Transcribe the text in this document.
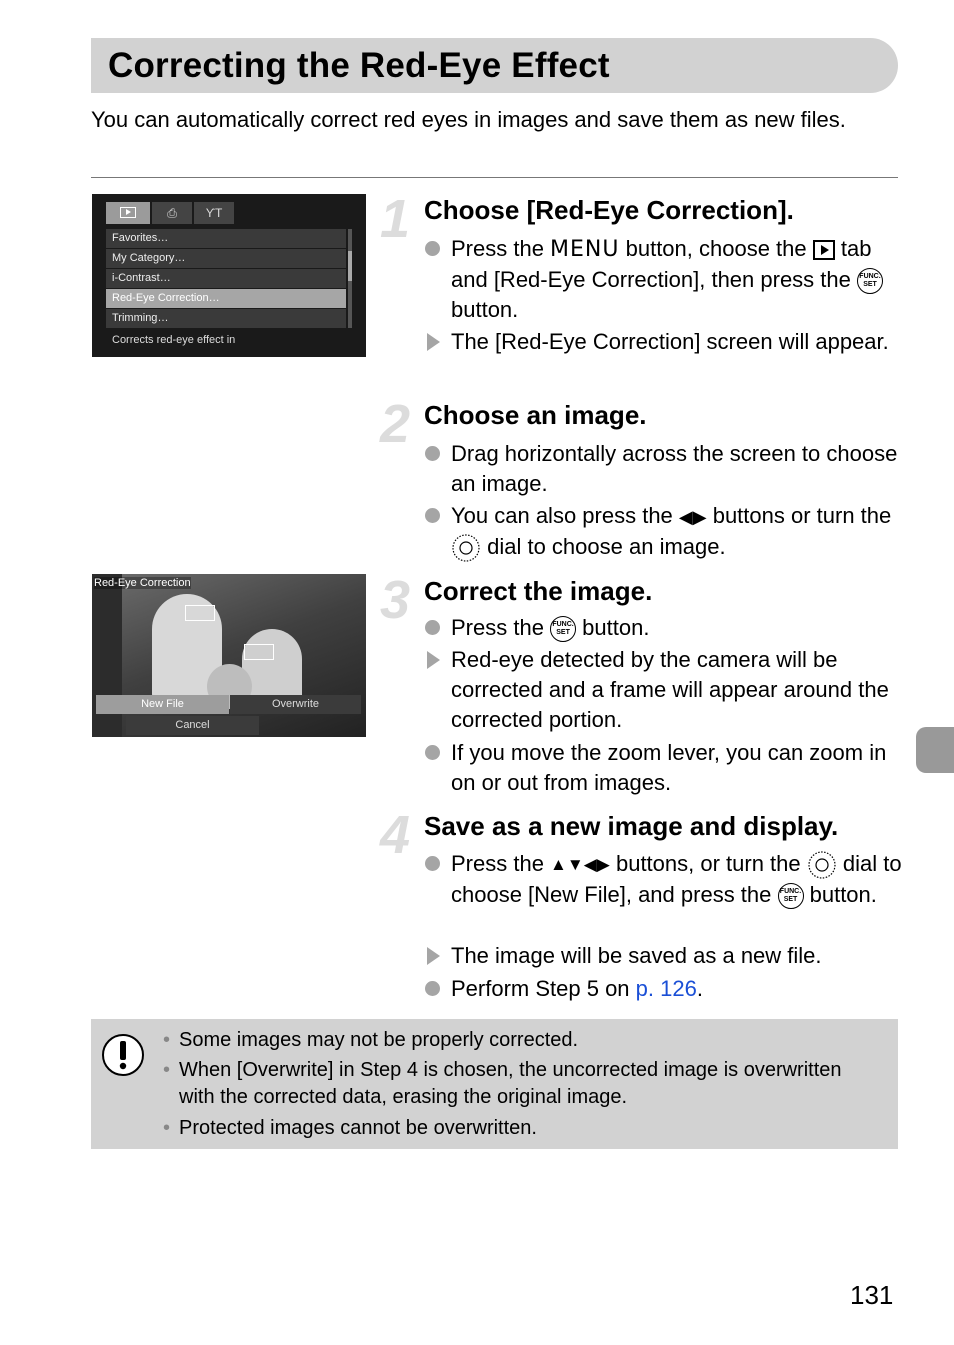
Correcting the Red-Eye Effect
You can automatically correct red eyes in images and save them as new files.
⎙	ϒT
Favorites…
My Category…
i-Contrast…
Red-Eye Correction…
Trimming…
Corrects red-eye effect in
1 Choose [Red-Eye Correction].
Press the MENU button, choose the
tab and [Red-Eye Correction], then press the FUNC.
SET button.
The [Red-Eye Correction] screen will appear.
2 Choose an image.
Drag horizontally across the screen to choose an image.
You can also press the ◀▶ buttons or turn the  dial to choose an image.
Red-Eye Correction
New File	Overwrite
Cancel
3 Correct the image.
Press the FUNC.
SET button.
Red-eye detected by the camera will be corrected and a frame will appear around the corrected portion.
If you move the zoom lever, you can zoom in on or out from images.
4 Save as a new image and display.
Press the ▲▼◀▶ buttons, or turn the  dial to choose [New File], and press the FUNC.
SET button.
The image will be saved as a new file.
Perform Step 5 on p. 126.
• Some images may not be properly corrected.
• When [Overwrite] in Step 4 is chosen, the uncorrected image is overwritten with the corrected data, erasing the original image.
• Protected images cannot be overwritten.
131
